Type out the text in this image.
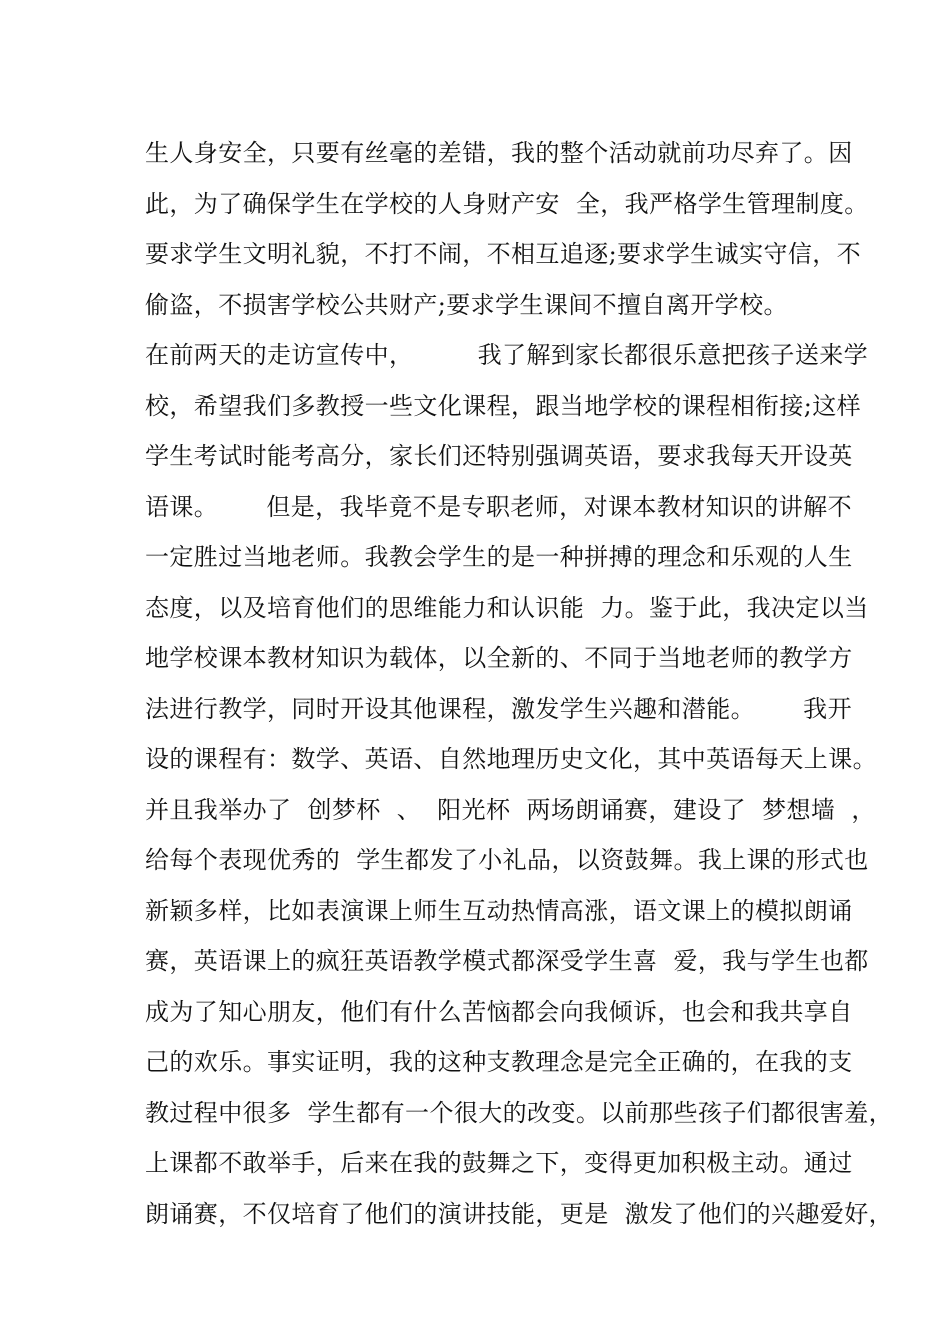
生人身安全，只要有丝毫的差错，我的整个活动就前功尽弃了。因
此，为了确保学生在学校的人身财产安  全，我严格学生管理制度。
要求学生文明礼貌，不打不闹，不相互追逐;要求学生诚实守信，不
偷盗，不损害学校公共财产;要求学生课间不擅自离开学校。
在前两天的走访宣传中，        我了解到家长都很乐意把孩子送来学
校，希望我们多教授一些文化课程，跟当地学校的课程相衔接;这样
学生考试时能考高分，家长们还特别强调英语，要求我每天开设英
语课。      但是，我毕竟不是专职老师，对课本教材知识的讲解不
一定胜过当地老师。我教会学生的是一种拼搏的理念和乐观的人生
态度，以及培育他们的思维能力和认识能  力。鉴于此，我决定以当
地学校课本教材知识为载体，以全新的、不同于当地老师的教学方
法进行教学，同时开设其他课程，激发学生兴趣和潜能。      我开
设的课程有：数学、英语、自然地理历史文化，其中英语每天上课。
并且我举办了  创梦杯  、  阳光杯  两场朗诵赛，建设了  梦想墙  ，
给每个表现优秀的  学生都发了小礼品，以资鼓舞。我上课的形式也
新颖多样，比如表演课上师生互动热情高涨，语文课上的模拟朗诵
赛，英语课上的疯狂英语教学模式都深受学生喜  爱，我与学生也都
成为了知心朋友，他们有什么苦恼都会向我倾诉，也会和我共享自
己的欢乐。事实证明，我的这种支教理念是完全正确的，在我的支
教过程中很多  学生都有一个很大的改变。以前那些孩子们都很害羞，
上课都不敢举手，后来在我的鼓舞之下，变得更加积极主动。通过
朗诵赛，不仅培育了他们的演讲技能，更是  激发了他们的兴趣爱好，
